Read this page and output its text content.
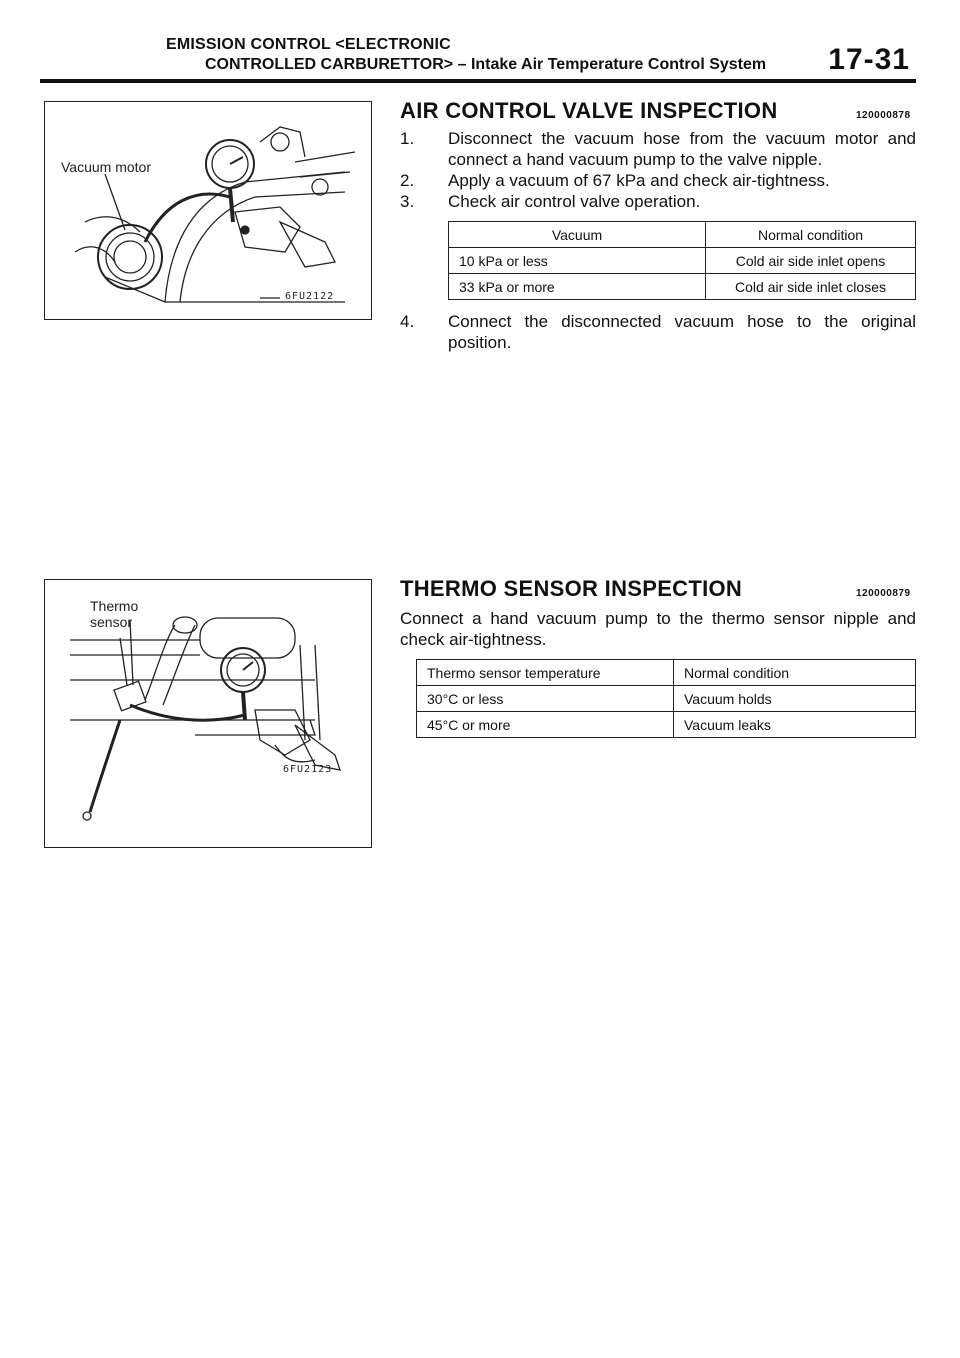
EMISSION CONTROL <ELECTRONIC
CONTROLLED CARBURETTOR> – Intake Air Temperature Control System 17-31
Vacuum motor
6FU2122
AIR CONTROL VALVE INSPECTION	120000878
1. Disconnect the vacuum hose from the vacuum motor and connect a hand vacuum pump to the valve nipple.
2. Apply a vacuum of 67 kPa and check air-tightness.
3. Check air control valve operation.
Vacuum	Normal condition
10 kPa or less	Cold air side inlet opens
33 kPa or more	Cold air side inlet closes
4. Connect the disconnected vacuum hose to the original position.
Thermo
sensor
6FU2123
THERMO SENSOR INSPECTION	120000879
Connect a hand vacuum pump to the thermo sensor nipple and check air-tightness.
Thermo sensor temperature	Normal condition
30°C or less	Vacuum holds
45°C or more	Vacuum leaks
